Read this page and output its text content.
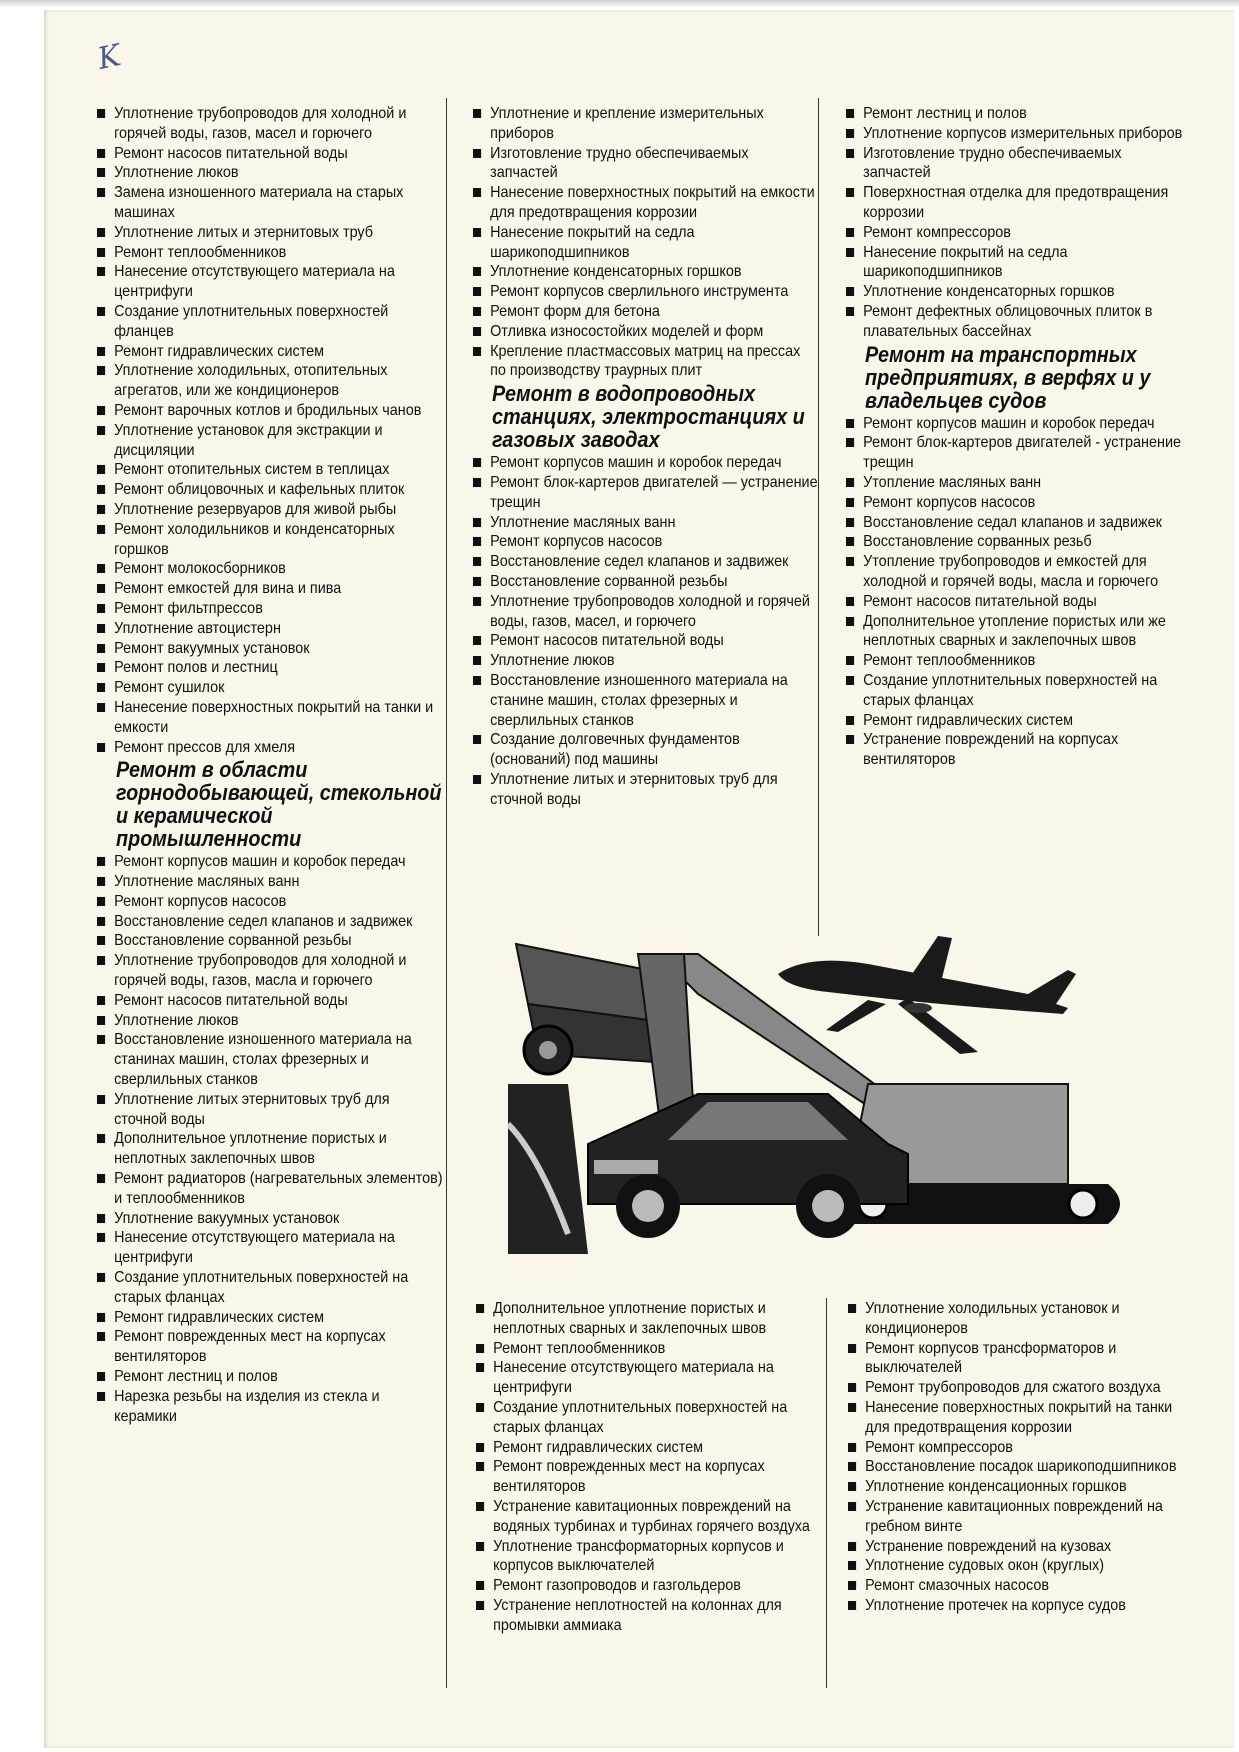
K
Уплотнение трубопроводов для холодной и горячей воды, газов, масел и горючего
Ремонт насосов питательной воды
Уплотнение люков
Замена изношенного материала на старых машинах
Уплотнение литых и этернитовых труб
Ремонт теплообменников
Нанесение отсутствующего материала на центрифуги
Создание уплотнительных поверхностей фланцев
Ремонт гидравлических систем
Уплотнение холодильных, отопительных агрегатов, или же кондиционеров
Ремонт варочных котлов и бродильных чанов
Уплотнение установок для экстракции и дисциляции
Ремонт отопительных систем в теплицах
Ремонт облицовочных и кафельных плиток
Уплотнение резервуаров для живой рыбы
Ремонт холодильников и конденсаторных горшков
Ремонт молокосборников
Ремонт емкостей для вина и пива
Ремонт фильтпрессов
Уплотнение автоцистерн
Ремонт вакуумных установок
Ремонт полов и лестниц
Ремонт сушилок
Нанесение поверхностных покрытий на танки и емкости
Ремонт прессов для хмеля
Ремонт в области горнодобывающей, стекольной и керамической промышленности
Ремонт корпусов машин и коробок передач
Уплотнение масляных ванн
Ремонт корпусов насосов
Восстановление седел клапанов и задвижек
Восстановление сорванной резьбы
Уплотнение трубопроводов для холодной и горячей воды, газов, масла и горючего
Ремонт насосов питательной воды
Уплотнение люков
Восстановление изношенного материала на станинах машин, столах фрезерных и сверлильных станков
Уплотнение литых этернитовых труб для сточной воды
Дополнительное уплотнение пористых и неплотных заклепочных швов
Ремонт радиаторов (нагревательных элементов) и теплообменников
Уплотнение вакуумных установок
Нанесение отсутствующего материала на центрифуги
Создание уплотнительных поверхностей на старых фланцах
Ремонт гидравлических систем
Ремонт поврежденных мест на корпусах вентиляторов
Ремонт лестниц и полов
Нарезка резьбы на изделия из стекла и керамики
Уплотнение и крепление измерительных приборов
Изготовление трудно обеспечиваемых запчастей
Нанесение поверхностных покрытий на емкости для предотвращения коррозии
Нанесение покрытий на седла шарикоподшипников
Уплотнение конденсаторных горшков
Ремонт корпусов сверлильного инструмента
Ремонт форм для бетона
Отливка износостойких моделей и форм
Крепление пластмассовых матриц на прессах по производству траурных плит
Ремонт в водопроводных станциях, электростанциях и газовых заводах
Ремонт корпусов машин и коробок передач
Ремонт блок-картеров двигателей — устранение трещин
Уплотнение масляных ванн
Ремонт корпусов насосов
Восстановление седел клапанов и задвижек
Восстановление сорванной резьбы
Уплотнение трубопроводов холодной и горячей воды, газов, масел, и горючего
Ремонт насосов питательной воды
Уплотнение люков
Восстановление изношенного материала на станине машин, столах фрезерных и сверлильных станков
Создание долговечных фундаментов (оснований) под машины
Уплотнение литых и этернитовых труб для сточной воды
Ремонт лестниц и полов
Уплотнение корпусов измерительных приборов
Изготовление трудно обеспечиваемых запчастей
Поверхностная отделка для предотвращения коррозии
Ремонт компрессоров
Нанесение покрытий на седла шарикоподшипников
Уплотнение конденсаторных горшков
Ремонт дефектных облицовочных плиток в плавательных бассейнах
Ремонт на транспортных предприятиях, в верфях и у владельцев судов
Ремонт корпусов машин и коробок передач
Ремонт блок-картеров двигателей - устранение трещин
Утопление масляных ванн
Ремонт корпусов насосов
Восстановление седал клапанов и задвижек
Восстановление сорванных резьб
Утопление трубопроводов и емкостей для холодной и горячей воды, масла и горючего
Ремонт насосов питательной воды
Дополнительное утопление пористых или же неплотных сварных и заклепочных швов
Ремонт теплообменников
Создание уплотнительных поверхностей на старых фланцах
Ремонт гидравлических систем
Устранение повреждений на корпусах вентиляторов
Дополнительное уплотнение пористых и неплотных сварных и заклепочных швов
Ремонт теплообменников
Нанесение отсутствующего материала на центрифуги
Создание уплотнительных поверхностей на старых фланцах
Ремонт гидравлических систем
Ремонт поврежденных мест на корпусах вентиляторов
Устранение кавитационных повреждений на водяных турбинах и турбинах горячего воздуха
Уплотнение трансформаторных корпусов и корпусов выключателей
Ремонт газопроводов и газгольдеров
Устранение неплотностей на колоннах для промывки аммиака
Уплотнение холодильных установок и кондиционеров
Ремонт корпусов трансформаторов и выключателей
Ремонт трубопроводов для сжатого воздуха
Нанесение поверхностных покрытий на танки для предотвращения коррозии
Ремонт компрессоров
Восстановление посадок шарикоподшипников
Уплотнение конденсационных горшков
Устранение кавитационных повреждений на гребном винте
Устранение повреждений на кузовах
Уплотнение судовых окон (круглых)
Ремонт смазочных насосов
Уплотнение протечек на корпусе судов
